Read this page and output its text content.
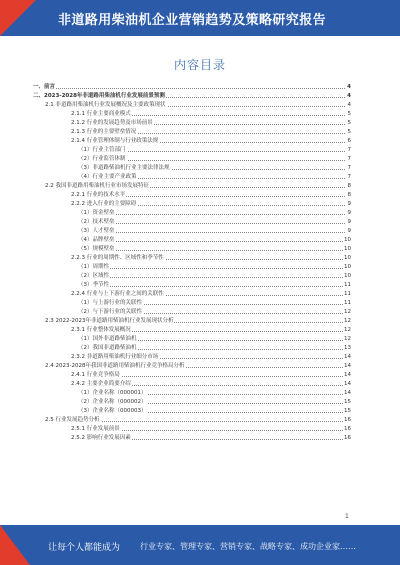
非道路用柴油机企业营销趋势及策略研究报告
内容目录
一、前言	4
二、2023-2028年非道路用柴油机行业发展前景预测	4
2.1 非道路用柴油机行业发展概况及主要政策现状	4
2.1.1 行业主要商业模式	5
2.1.2 行业的发展趋势及市场前景	5
2.1.3 行业的主要壁垒情况	5
2.1.4 行业管理体制与行业政策法规	6
（1）行业主管部门	7
（2）行业监管体制	7
（3）非道路柴油机行业主要法律法规	7
（4）行业主要产业政策	7
2.2 我国非道路用柴油机行业市场发展特征	8
2.2.1 行业的技术水平	8
2.2.2 进入行业的主要障碍	9
（1）资金壁垒	9
（2）技术壁垒	9
（3）人才壁垒	9
（4）品牌壁垒	10
（5）规模壁垒	10
2.2.3 行业的周期性、区域性和季节性	10
（1）周期性	10
（2）区域性	10
（3）季节性	11
2.2.4 行业与上下游行业之间的关联性	11
（1）与上游行业的关联性	11
（2）与下游行业的关联性	12
2.3 2022-2023年非道路用柴油机行业发展现状分析	12
2.3.1 行业整体发展概况	12
（1）国外非道路柴油机	12
（2）我国非道路柴油机	13
2.3.2 非道路用柴油机行业细分市场	14
2.4 2023-2028年我国非道路用柴油机行业竞争格局分析	14
2.4.1 行业竞争格局	14
2.4.2 主要企业简要介绍	14
（1）企业名称（000001）	14
（2）企业名称（000002）	15
（3）企业名称（000003）	15
2.5 行业发展趋势分析	16
2.5.1 行业发展前景	16
2.5.2 影响行业发展因素	16
1
让每个人都能成为 行业专家、管理专家、营销专家、战略专家、成功企业家……
